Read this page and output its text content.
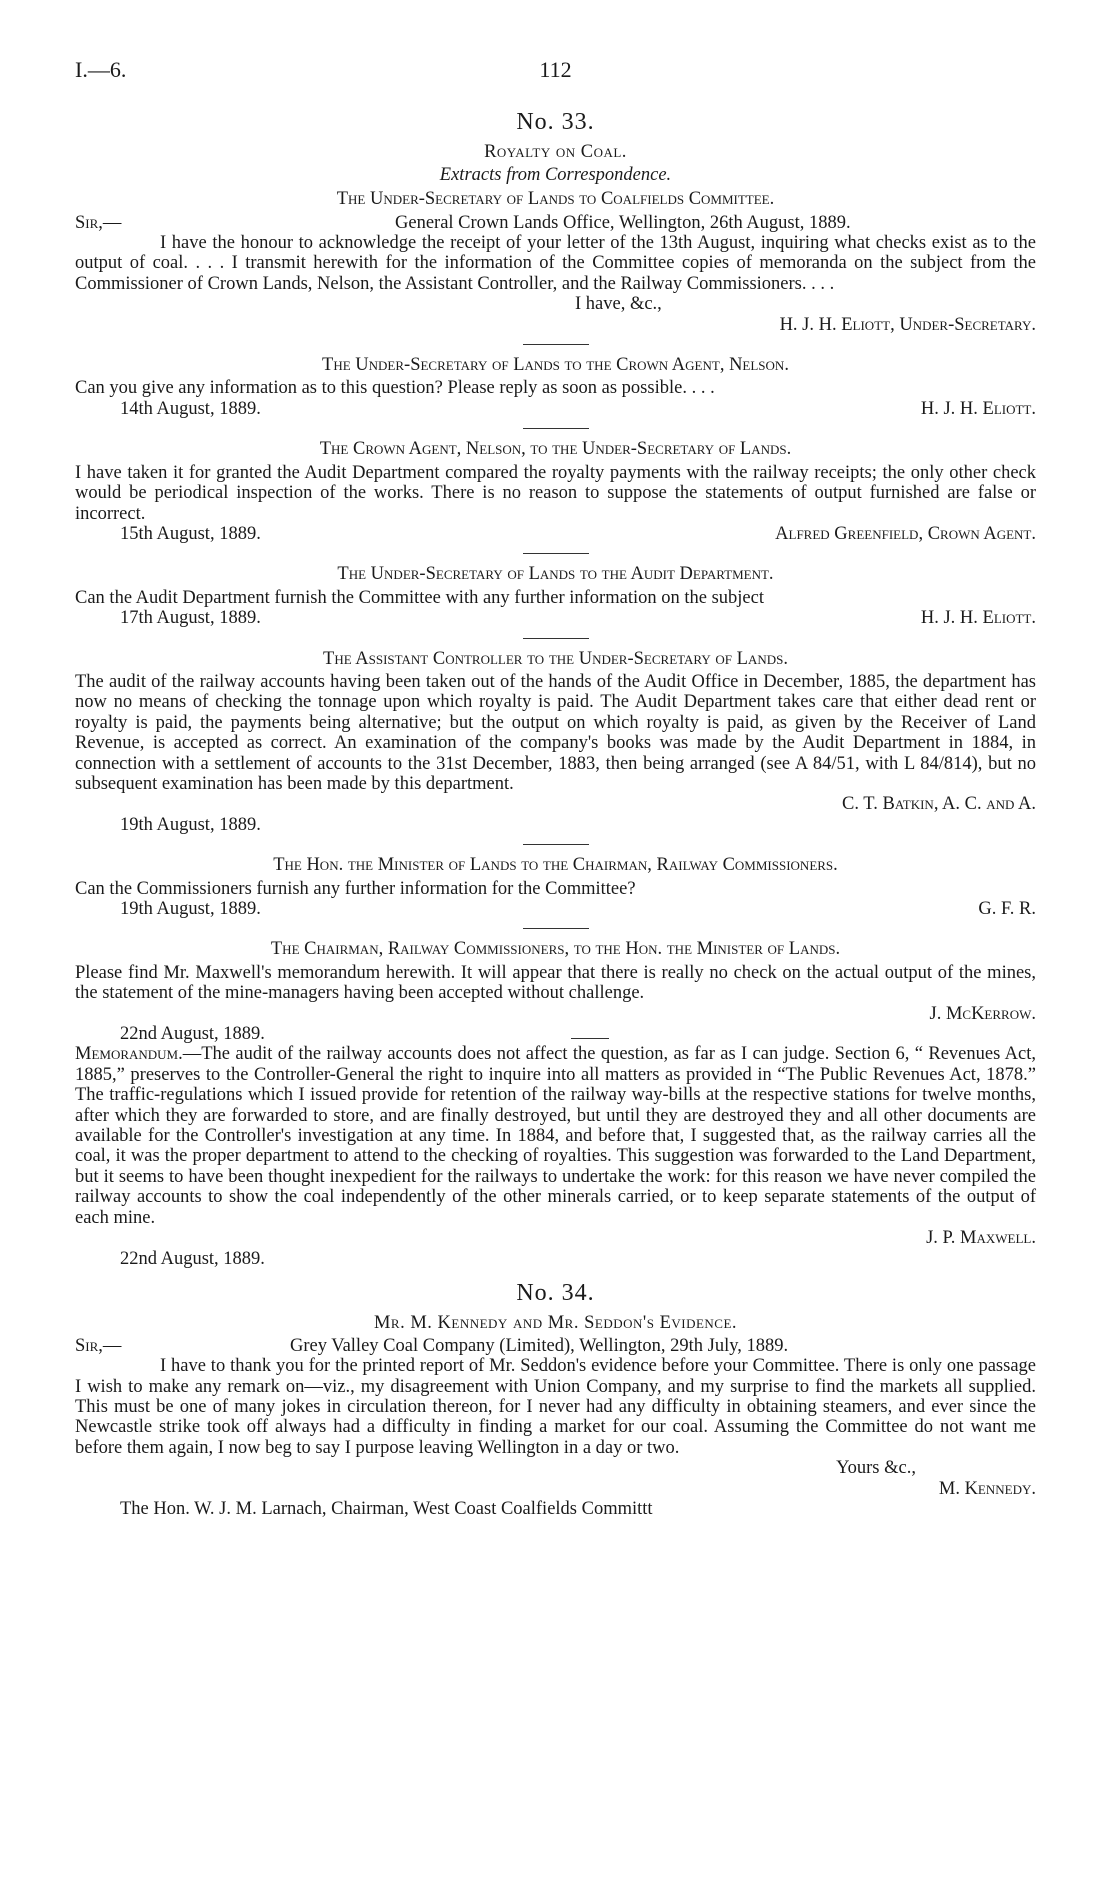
I.—6.	112
No. 33.
Royalty on Coal.
Extracts from Correspondence.
The Under-Secretary of Lands to Coalfields Committee.
Sir,—	General Crown Lands Office, Wellington, 26th August, 1889.

I have the honour to acknowledge the receipt of your letter of the 13th August, inquiring what checks exist as to the output of coal. . . . I transmit herewith for the information of the Committee copies of memoranda on the subject from the Commissioner of Crown Lands, Nelson, the Assistant Controller, and the Railway Commissioners. . . .

I have, &c.,
H. J. H. Eliott, Under-Secretary.
The Under-Secretary of Lands to the Crown Agent, Nelson.

Can you give any information as to this question? Please reply as soon as possible. . . .

14th August, 1889.	H. J. H. Eliott.
The Crown Agent, Nelson, to the Under-Secretary of Lands.

I have taken it for granted the Audit Department compared the royalty payments with the railway receipts; the only other check would be periodical inspection of the works. There is no reason to suppose the statements of output furnished are false or incorrect.

15th August, 1889.	Alfred Greenfield, Crown Agent.
The Under-Secretary of Lands to the Audit Department.

Can the Audit Department furnish the Committee with any further information on the subject

17th August, 1889.	H. J. H. Eliott.
The Assistant Controller to the Under-Secretary of Lands.

The audit of the railway accounts having been taken out of the hands of the Audit Office in December, 1885, the department has now no means of checking the tonnage upon which royalty is paid. The Audit Department takes care that either dead rent or royalty is paid, the payments being alternative; but the output on which royalty is paid, as given by the Receiver of Land Revenue, is accepted as correct. An examination of the company's books was made by the Audit Department in 1884, in connection with a settlement of accounts to the 31st December, 1883, then being arranged (see A 84/51, with L 84/814), but no subsequent examination has been made by this department.

C. T. Batkin, A. C. and A.
19th August, 1889.
The Hon. the Minister of Lands to the Chairman, Railway Commissioners.

Can the Commissioners furnish any further information for the Committee?

19th August, 1889.	G. F. R.
The Chairman, Railway Commissioners, to the Hon. the Minister of Lands.

Please find Mr. Maxwell's memorandum herewith. It will appear that there is really no check on the actual output of the mines, the statement of the mine-managers having been accepted without challenge.

J. McKerrow.
22nd August, 1889.

Memorandum.—The audit of the railway accounts does not affect the question, as far as I can judge. Section 6, “ Revenues Act, 1885,” preserves to the Controller-General the right to inquire into all matters as provided in “The Public Revenues Act, 1878.” The traffic-regulations which I issued provide for retention of the railway way-bills at the respective stations for twelve months, after which they are forwarded to store, and are finally destroyed, but until they are destroyed they and all other documents are available for the Controller's investigation at any time. In 1884, and before that, I suggested that, as the railway carries all the coal, it was the proper department to attend to the checking of royalties. This suggestion was forwarded to the Land Department, but it seems to have been thought inexpedient for the railways to undertake the work: for this reason we have never compiled the railway accounts to show the coal independently of the other minerals carried, or to keep separate statements of the output of each mine.

J. P. Maxwell.
22nd August, 1889.
No. 34.
Mr. M. Kennedy and Mr. Seddon's Evidence.
Sir,—	Grey Valley Coal Company (Limited), Wellington, 29th July, 1889.

I have to thank you for the printed report of Mr. Seddon's evidence before your Committee. There is only one passage I wish to make any remark on—viz., my disagreement with Union Company, and my surprise to find the markets all supplied. This must be one of many jokes in circulation thereon, for I never had any difficulty in obtaining steamers, and ever since the Newcastle strike took off always had a difficulty in finding a market for our coal. Assuming the Committee do not want me before them again, I now beg to say I purpose leaving Wellington in a day or two.

Yours &c.,
M. Kennedy.
The Hon. W. J. M. Larnach, Chairman, West Coast Coalfields Committt
